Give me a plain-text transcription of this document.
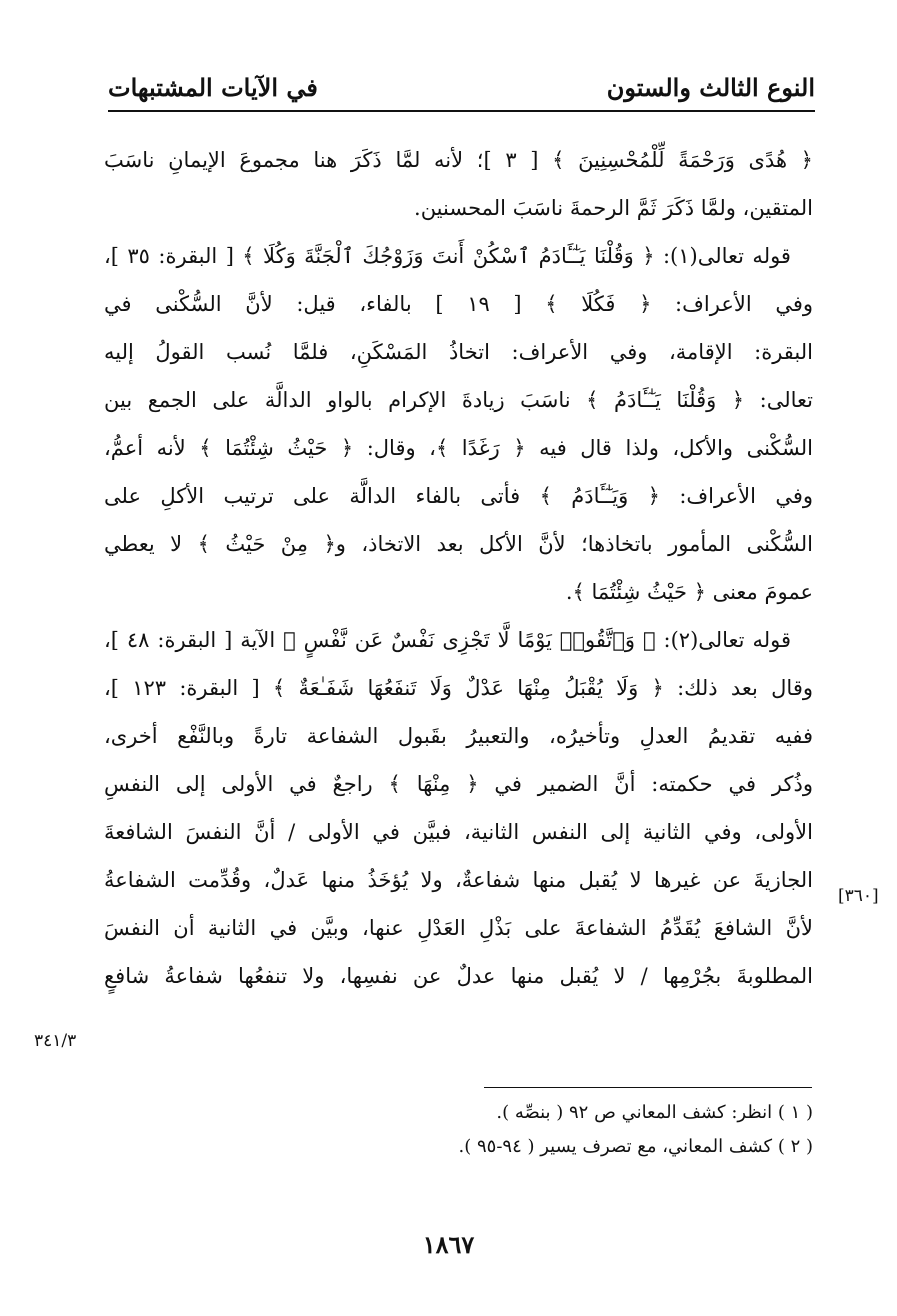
النوع الثالث والستون
في الآيات المشتبهات
﴿ هُدًى وَرَحْمَةً لِّلْمُحْسِنِينَ ﴾ [ ٣ ]؛ لأنه لمَّا ذَكَرَ هنا مجموعَ الإيمانِ ناسَبَ
المتقين، ولمَّا ذَكَرَ ثَمَّ الرحمةَ ناسَبَ المحسنين.
قوله تعالى(١): ﴿ وَقُلْنَا يَـٰٓـَٔادَمُ ٱسْكُنْ أَنتَ وَزَوْجُكَ ٱلْجَنَّةَ وَكُلَا ﴾ [ البقرة: ٣٥ ]،
وفي الأعراف: ﴿ فَكُلَا ﴾ [ ١٩ ] بالفاء، قيل: لأنَّ السُّكْنى في
البقرة: الإقامة، وفي الأعراف: اتخاذُ المَسْكَنِ، فلمَّا نُسب القولُ إليه
تعالى: ﴿ وَقُلْنَا يَـٰٓـَٔادَمُ ﴾ ناسَبَ زيادةَ الإكرام بالواو الدالَّة على الجمع بين
السُّكْنى والأكل، ولذا قال فيه ﴿ رَغَدًا ﴾، وقال: ﴿ حَيْثُ شِئْتُمَا ﴾ لأنه أعمُّ،
وفي الأعراف: ﴿ وَيَـٰٓـَٔادَمُ ﴾ فأتى بالفاء الدالَّة على ترتيب الأكلِ على
السُّكْنى المأمور باتخاذها؛ لأنَّ الأكل بعد الاتخاذ، و﴿ مِنْ حَيْثُ ﴾ لا يعطي
عمومَ معنى ﴿ حَيْثُ شِئْتُمَا ﴾.
قوله تعالى(٢): ﴿ وَٱتَّقُوا۟ يَوْمًا لَّا تَجْزِى نَفْسٌ عَن نَّفْسٍ ﴾ الآية [ البقرة: ٤٨ ]،
وقال بعد ذلك: ﴿ وَلَا يُقْبَلُ مِنْهَا عَدْلٌ وَلَا تَنفَعُهَا شَفَـٰعَةٌ ﴾ [ البقرة: ١٢٣ ]،
ففيه تقديمُ العدلِ وتأخيرُه، والتعبيرُ بقَبول الشفاعة تارةً وبالنَّفْع أخرى،
وذُكر في حكمته: أنَّ الضمير في ﴿ مِنْهَا ﴾ راجعٌ في الأولى إلى النفسِ
الأولى، وفي الثانية إلى النفس الثانية، فبيَّن في الأولى / أنَّ النفسَ الشافعةَ
الجازيةَ عن غيرها لا يُقبل منها شفاعةٌ، ولا يُؤخَذُ منها عَدلٌ، وقُدِّمت الشفاعةُ
لأنَّ الشافعَ يُقَدِّمُ الشفاعةَ على بَذْلِ العَدْلِ عنها، وبيَّن في الثانية أن النفسَ
المطلوبةَ بجُرْمِها / لا يُقبل منها عدلٌ عن نفسِها، ولا تنفعُها شفاعةُ شافعٍ
[٣٦٠]
٣٤١/٣
( ١ ) انظر: كشف المعاني ص ٩٢ ( بنصِّه ).
( ٢ ) كشف المعاني، مع تصرف يسير ( ٩٤-٩٥ ).
١٨٦٧
